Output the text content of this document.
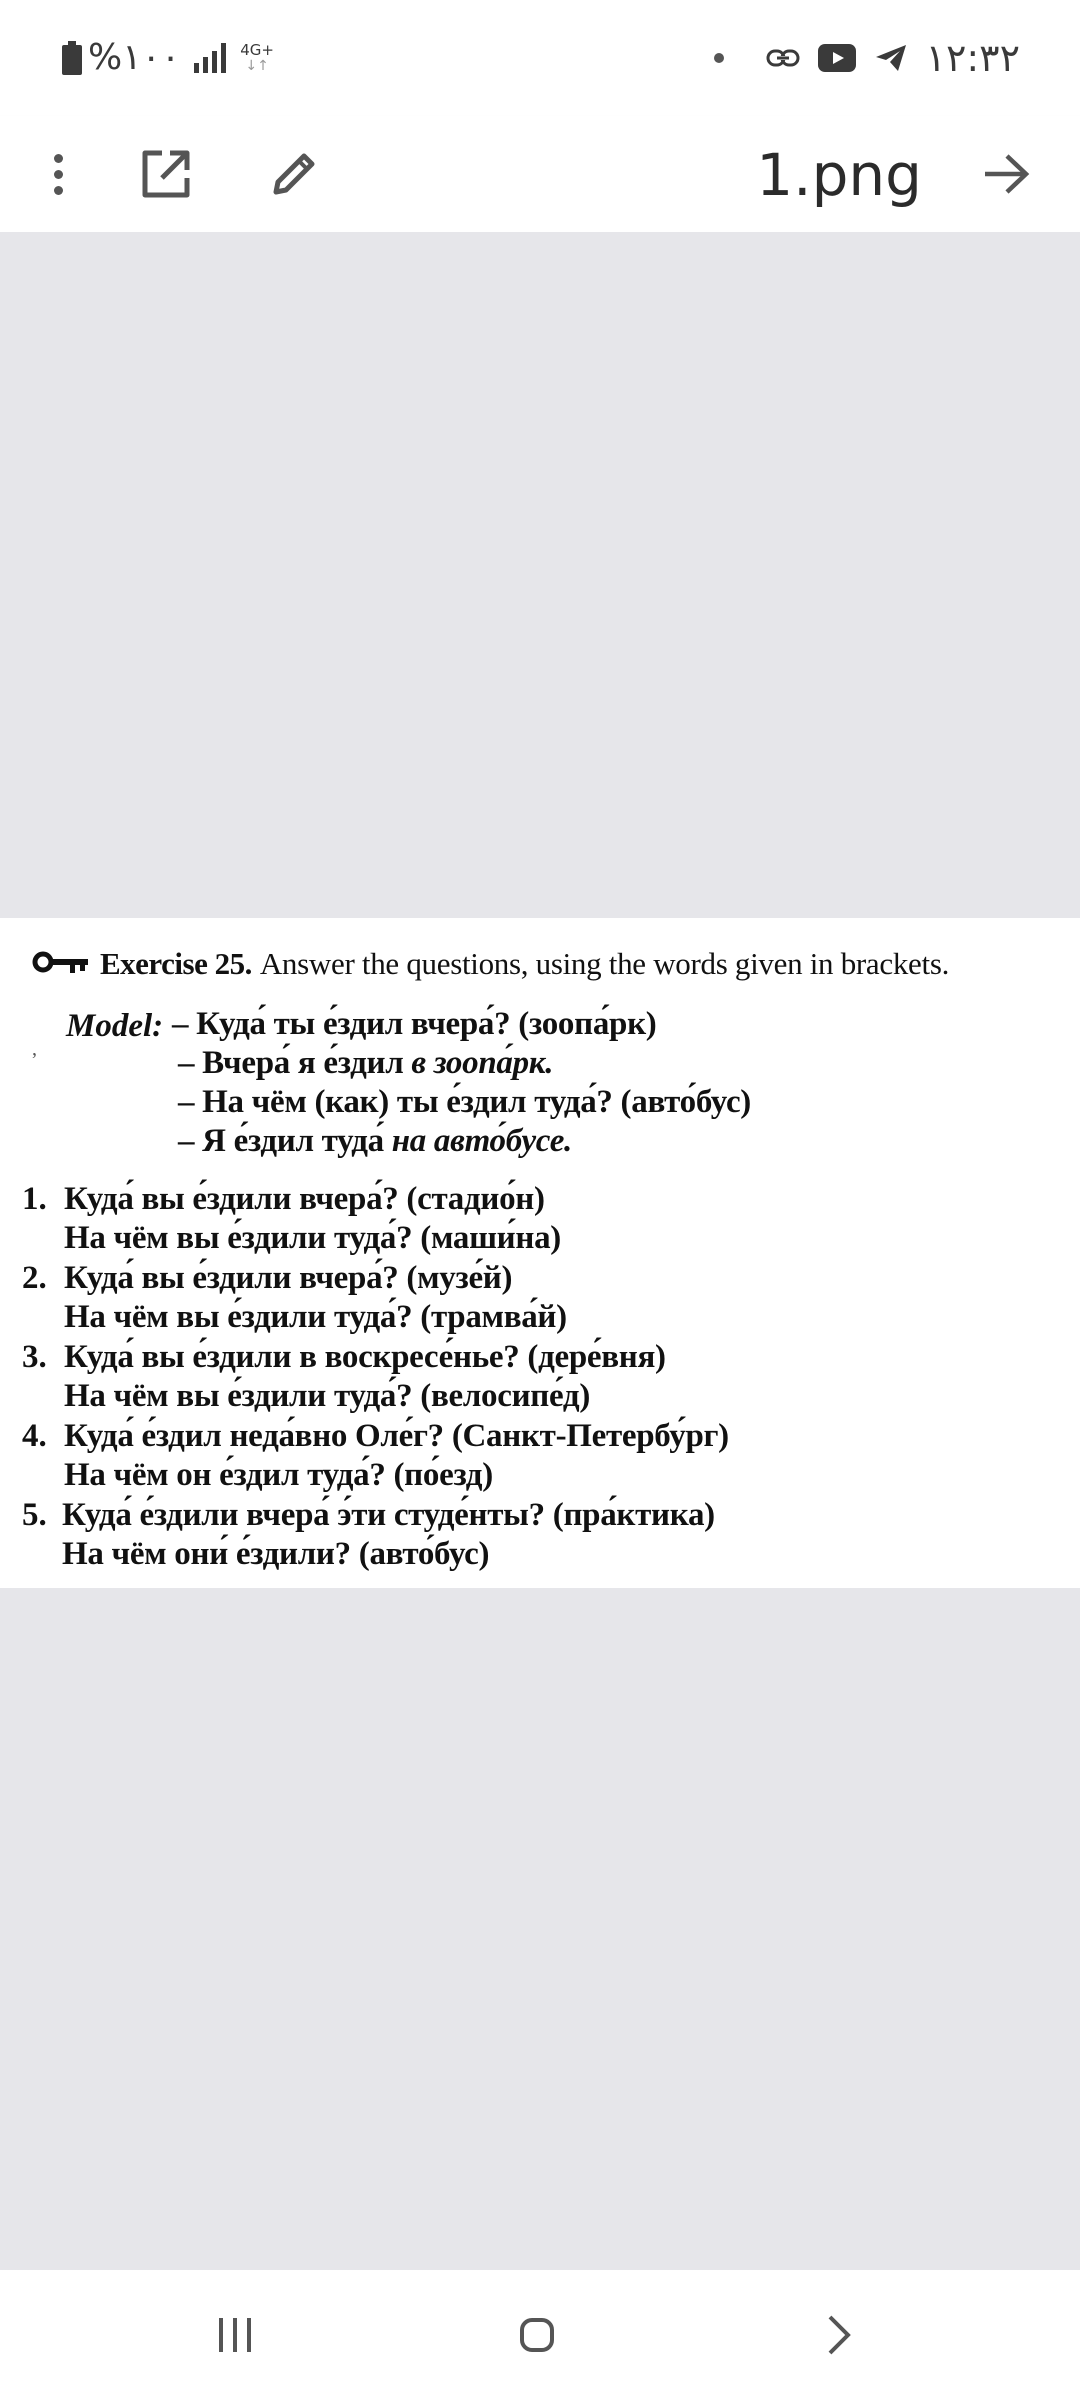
%١٠٠	4G+
↓↑	١٢:٣٢
1.png
Exercise 25. Answer the questions, using the words given in brackets.
,
Model: – Куда́ ты е́здил вчера́? (зоопа́рк)
– Вчера́ я е́здил в зоопа́рк.
– На чём (как) ты е́здил туда́? (авто́бус)
– Я е́здил туда́ на авто́бусе.
1. Куда́ вы е́здили вчера́? (стадио́н)
На чём вы е́здили туда́? (маши́на)
2. Куда́ вы е́здили вчера́? (музе́й)
На чём вы е́здили туда́? (трамва́й)
3. Куда́ вы е́здили в воскресе́нье? (дере́вня)
На чём вы е́здили туда́? (велосипе́д)
4. Куда́ е́здил неда́вно Оле́г? (Санкт-Петербу́рг)
На чём он е́здил туда́? (по́езд)
5. Куда́ е́здили вчера́ э́ти студе́нты? (пра́ктика)
На чём они́ е́здили? (авто́бус)
